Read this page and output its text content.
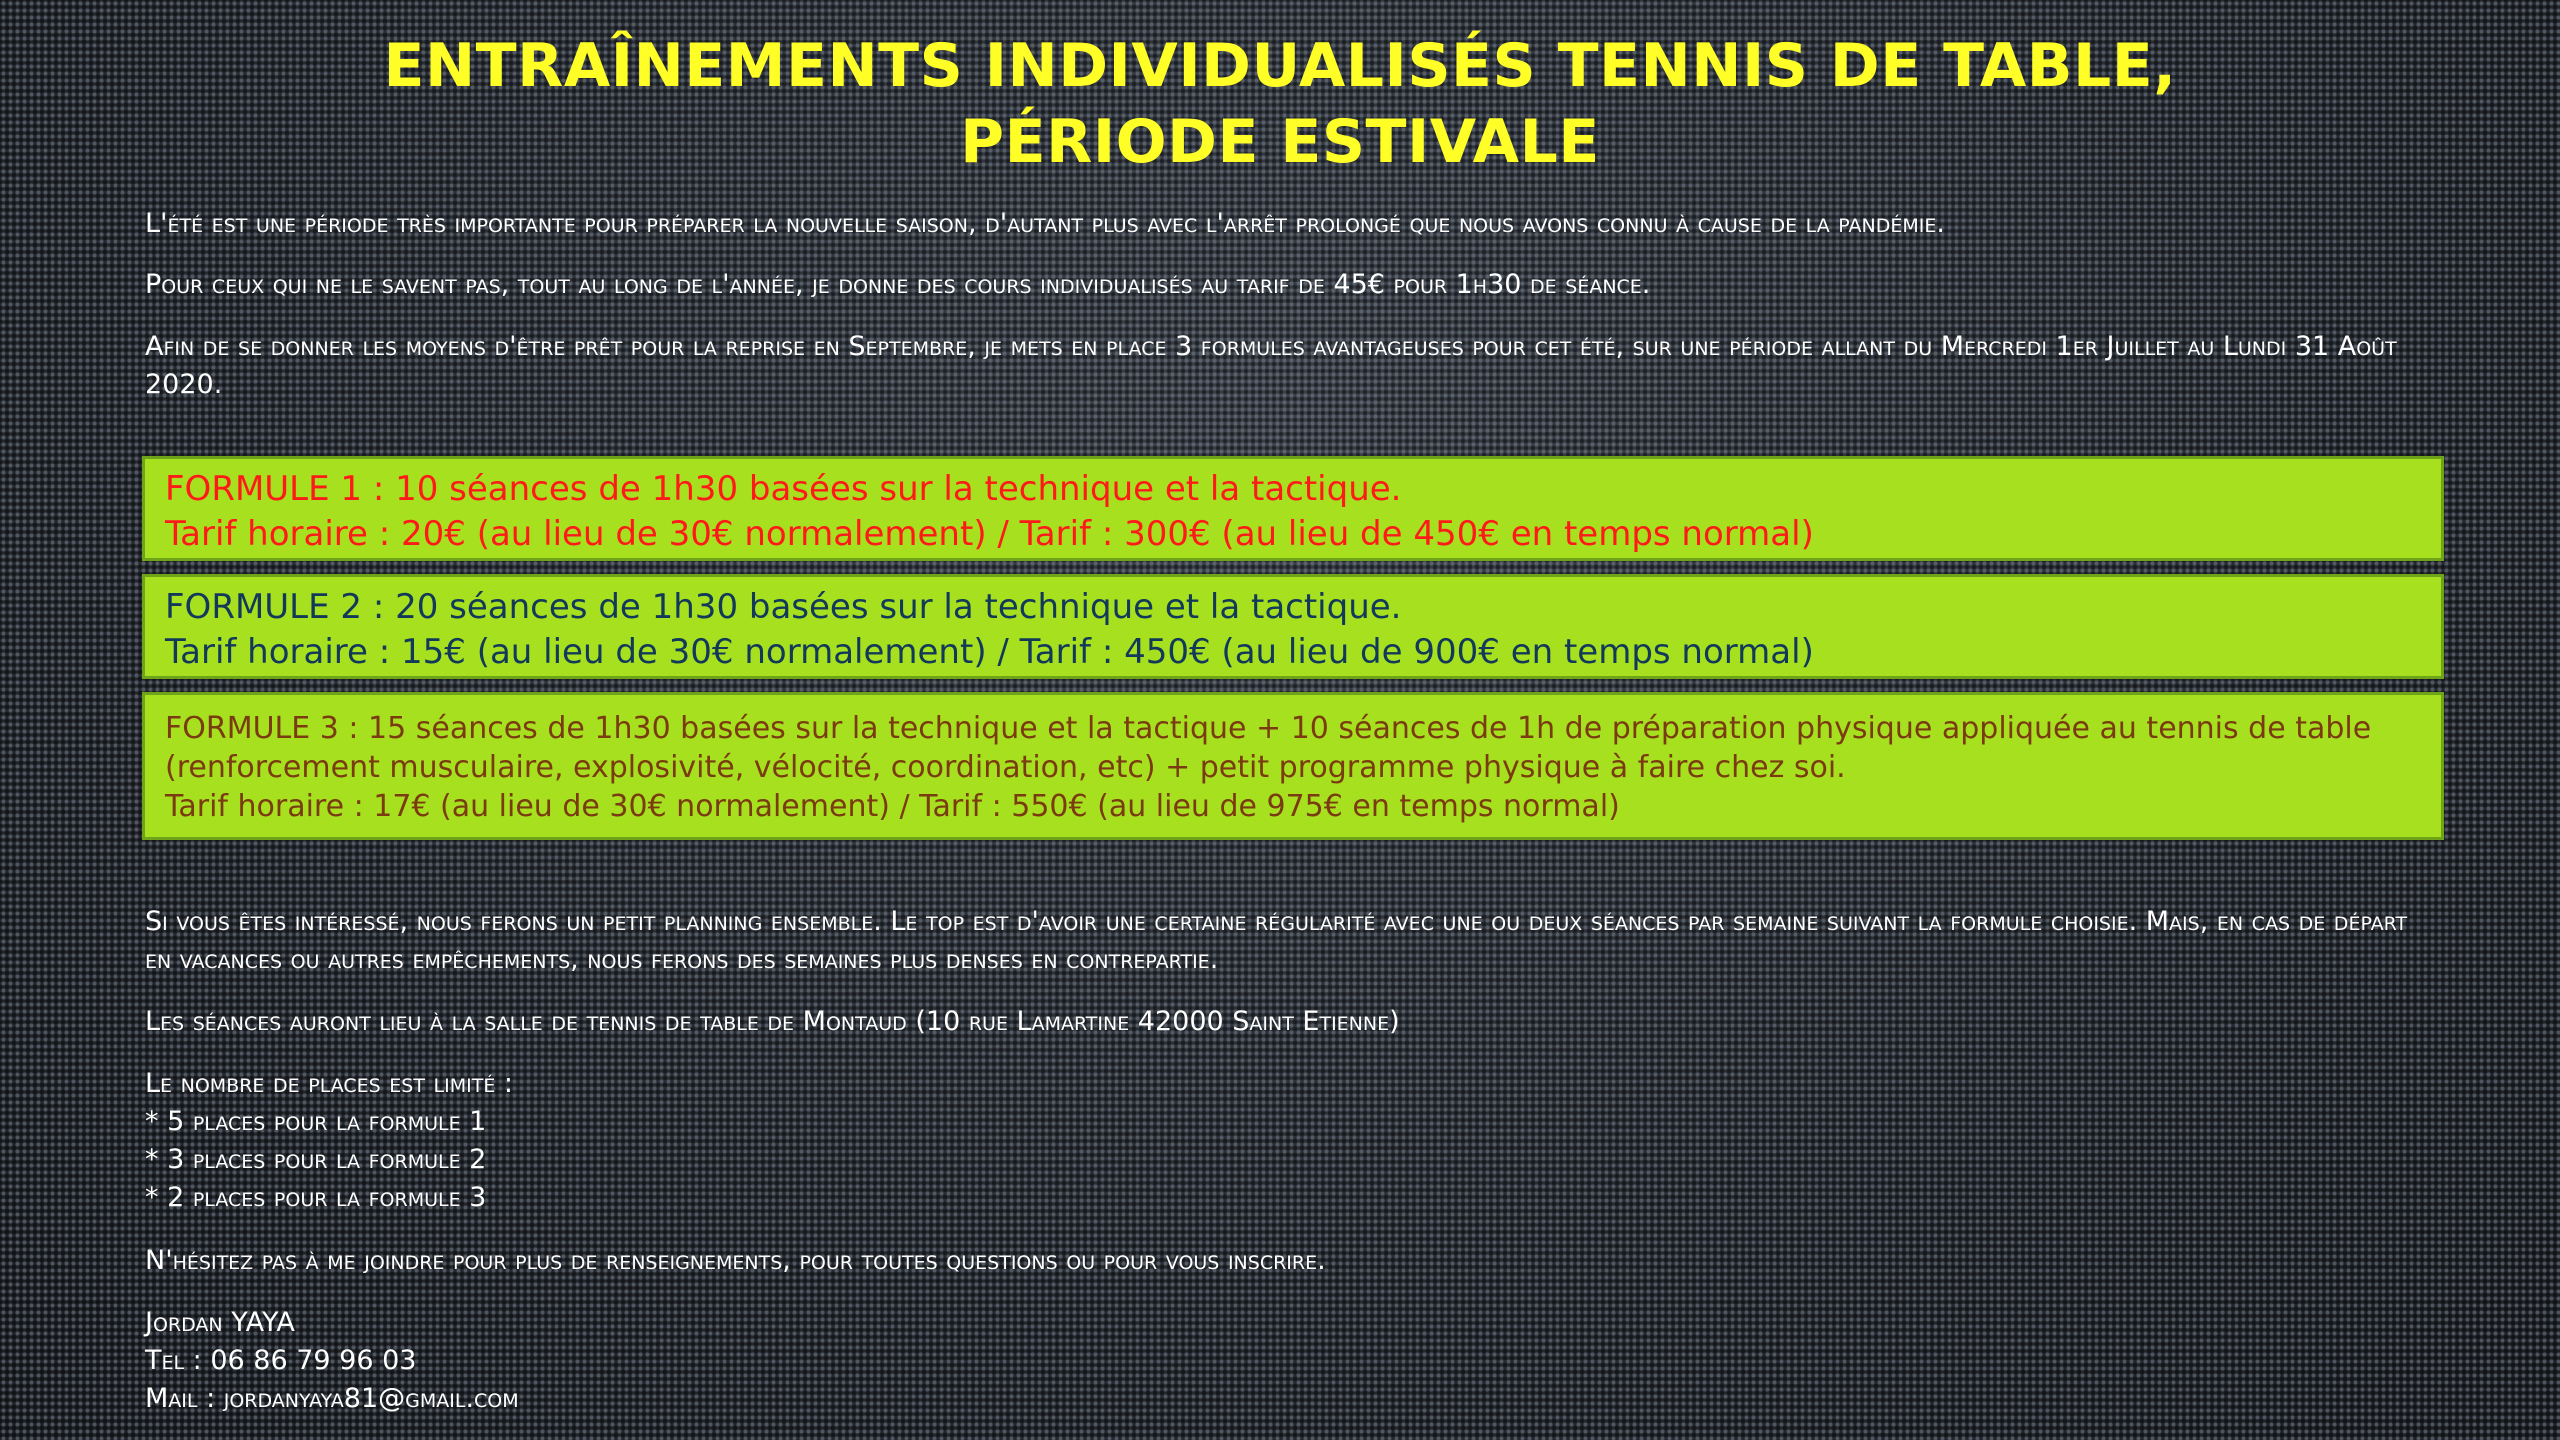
ENTRAÎNEMENTS INDIVIDUALISÉS TENNIS DE TABLE, PÉRIODE ESTIVALE

L'été est une période très importante pour préparer la nouvelle saison, d'autant plus avec l'arrêt prolongé que nous avons connu à cause de la pandémie.

Pour ceux qui ne le savent pas, tout au long de l'année, je donne des cours individualisés au tarif de 45€ pour 1h30 de séance.

Afin de se donner les moyens d'être prêt pour la reprise en Septembre, je mets en place 3 formules avantageuses pour cet été, sur une période allant du Mercredi 1er Juillet au Lundi 31 Août 2020.

FORMULE 1 : 10 séances de 1h30 basées sur la technique et la tactique.
Tarif horaire : 20€ (au lieu de 30€ normalement) / Tarif : 300€ (au lieu de 450€ en temps normal)
FORMULE 2 : 20 séances de 1h30 basées sur la technique et la tactique.
Tarif horaire : 15€ (au lieu de 30€ normalement) / Tarif : 450€ (au lieu de 900€ en temps normal)
FORMULE 3 : 15 séances de 1h30 basées sur la technique et la tactique + 10 séances de 1h de préparation physique appliquée au tennis de table (renforcement musculaire, explosivité, vélocité, coordination, etc) + petit programme physique à faire chez soi.
Tarif horaire : 17€ (au lieu de 30€ normalement) / Tarif : 550€ (au lieu de 975€ en temps normal)

Si vous êtes intéressé, nous ferons un petit planning ensemble. Le top est d'avoir une certaine régularité avec une ou deux séances par semaine suivant la formule choisie. Mais, en cas de départ en vacances ou autres empêchements, nous ferons des semaines plus denses en contrepartie.

Les séances auront lieu à la salle de tennis de table de Montaud (10 rue Lamartine 42000 Saint Etienne)

Le nombre de places est limité :
* 5 places pour la formule 1
* 3 places pour la formule 2
* 2 places pour la formule 3

N'hésitez pas à me joindre pour plus de renseignements, pour toutes questions ou pour vous inscrire.

Jordan YAYA
Tel : 06 86 79 96 03
Mail : jordanyaya81@gmail.com
